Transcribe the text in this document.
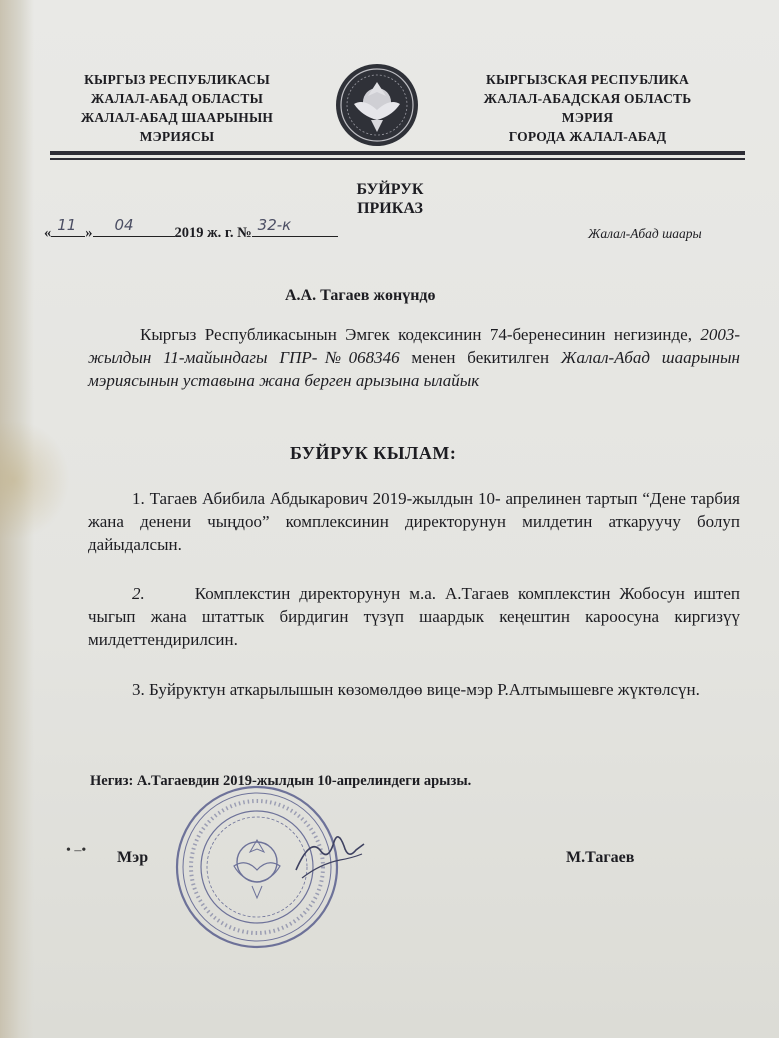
КЫРГЫЗ РЕСПУБЛИКАСЫ
ЖАЛАЛ-АБАД ОБЛАСТЫ
ЖАЛАЛ-АБАД ШААРЫНЫН
МЭРИЯСЫ
КЫРГЫЗСКАЯ РЕСПУБЛИКА
ЖАЛАЛ-АБАДСКАЯ ОБЛАСТЬ
МЭРИЯ
ГОРОДА ЖАЛАЛ-АБАД
БУЙРУК
ПРИКАЗ
« 11 » 04	2019 ж. г. № 32-к	Жалал-Абад шаары
А.А. Тагаев жөнүндө
Кыргыз Республикасынын Эмгек кодексинин 74-беренесинин негизинде, 2003-жылдын 11-майындагы ГПР-№068346 менен бекитилген Жалал-Абад шаарынын мэриясынын уставына жана берген арызына ылайык
БУЙРУК КЫЛАМ:
1. Тагаев Абибила Абдыкарович 2019-жылдын 10- апрелинен тартып “Дене тарбия жана денени чыңдоо” комплексинин директорунун милдетин аткаруучу болуп дайыдалсын.
2.	Комплекстин директорунун м.а. А.Тагаев комплекстин Жобосун иштеп чыгып жана штаттык бирдигин түзүп шаардык кеңештин кароосуна киргизүү милдеттендирилсин.
3. Буйруктун аткарылышын көзомөлдөө вице-мэр Р.Алтымышевге жүктөлсүн.
Негиз: А.Тагаевдин 2019-жылдын 10-апрелиндеги арызы.
• –• Мэр	М.Тагаев
